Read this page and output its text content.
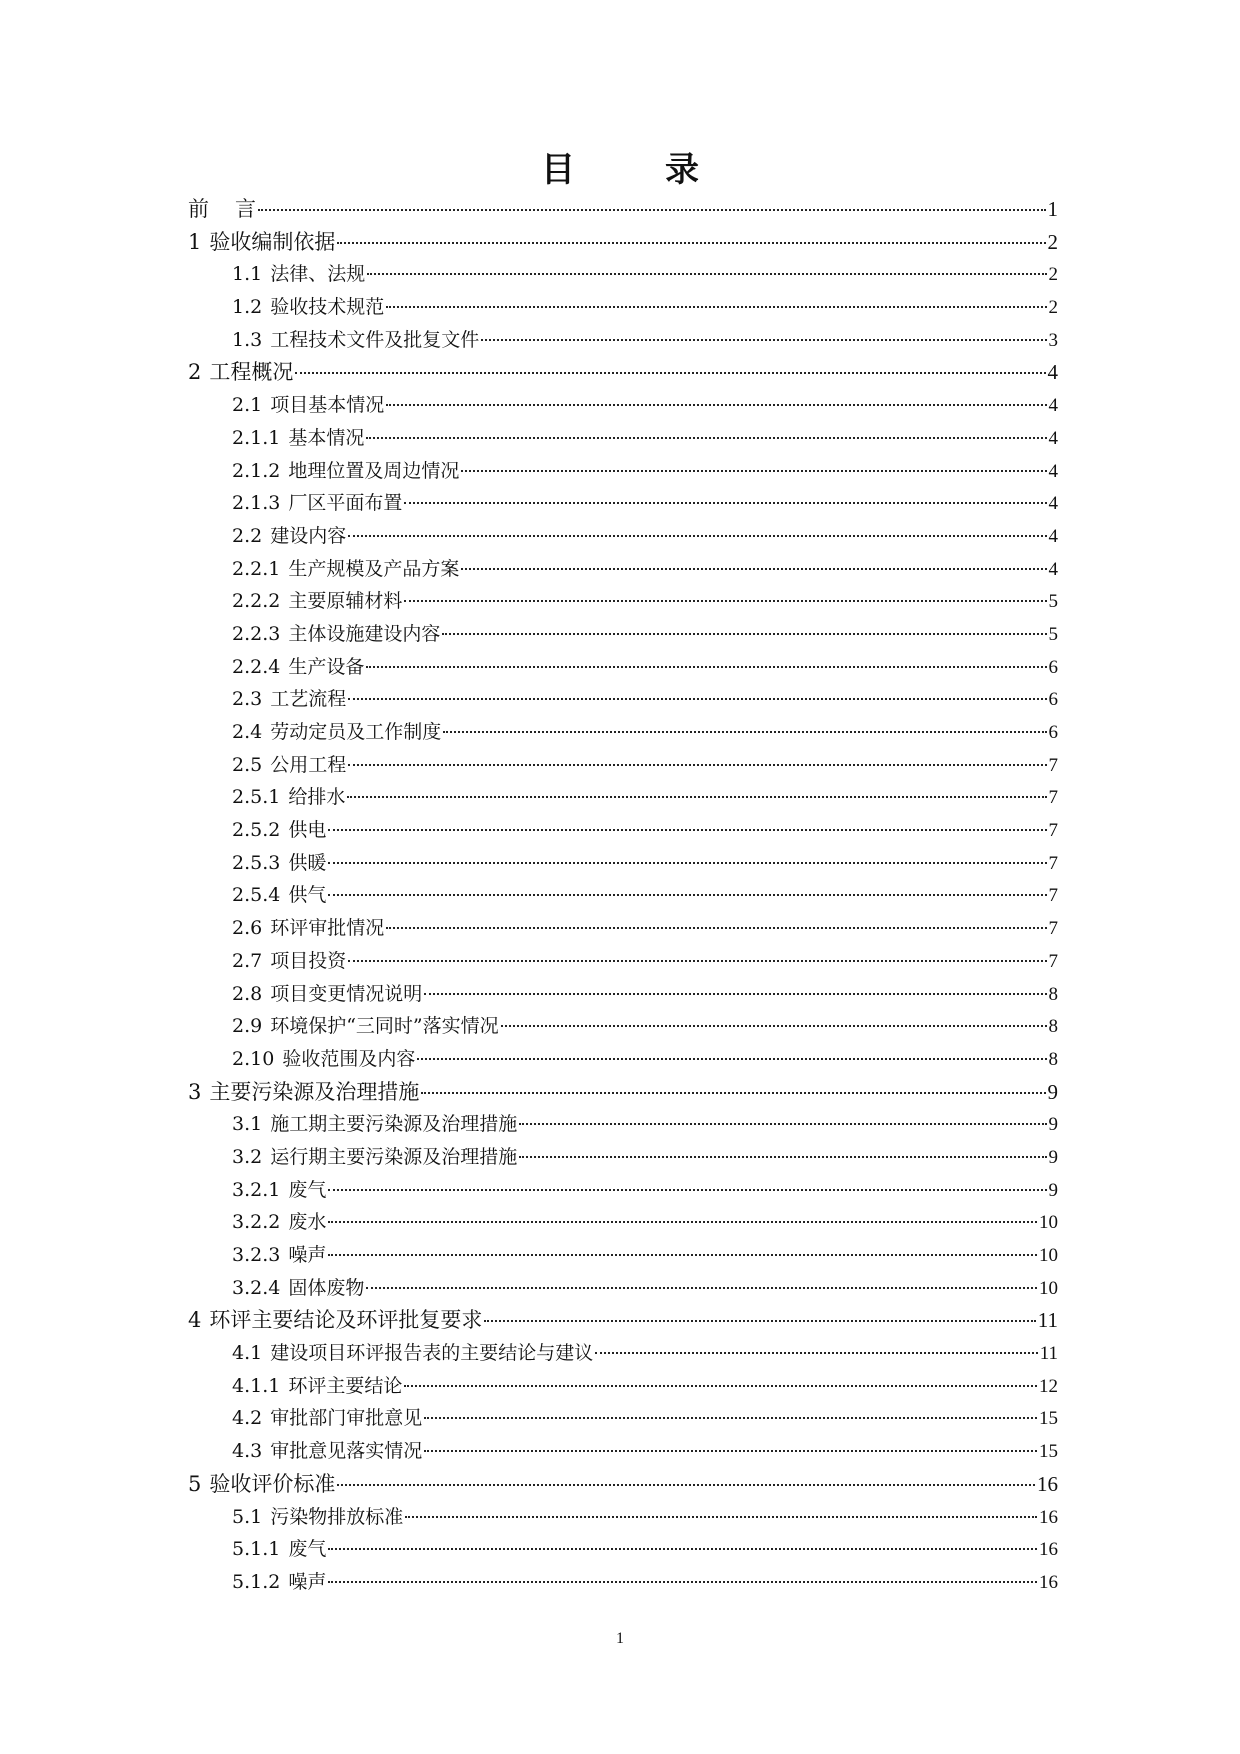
目　录
前 言	1
1 验收编制依据	2
1.1 法律、法规	2
1.2 验收技术规范	2
1.3 工程技术文件及批复文件	3
2 工程概况	4
2.1 项目基本情况	4
2.1.1 基本情况	4
2.1.2 地理位置及周边情况	4
2.1.3 厂区平面布置	4
2.2 建设内容	4
2.2.1 生产规模及产品方案	4
2.2.2 主要原辅材料	5
2.2.3 主体设施建设内容	5
2.2.4 生产设备	6
2.3 工艺流程	6
2.4 劳动定员及工作制度	6
2.5 公用工程	7
2.5.1 给排水	7
2.5.2 供电	7
2.5.3 供暖	7
2.5.4 供气	7
2.6 环评审批情况	7
2.7 项目投资	7
2.8 项目变更情况说明	8
2.9 环境保护“三同时”落实情况	8
2.10 验收范围及内容	8
3 主要污染源及治理措施	9
3.1 施工期主要污染源及治理措施	9
3.2 运行期主要污染源及治理措施	9
3.2.1 废气	9
3.2.2 废水	10
3.2.3 噪声	10
3.2.4 固体废物	10
4 环评主要结论及环评批复要求	11
4.1 建设项目环评报告表的主要结论与建议	11
4.1.1 环评主要结论	12
4.2 审批部门审批意见	15
4.3 审批意见落实情况	15
5 验收评价标准	16
5.1 污染物排放标准	16
5.1.1 废气	16
5.1.2 噪声	16
1
